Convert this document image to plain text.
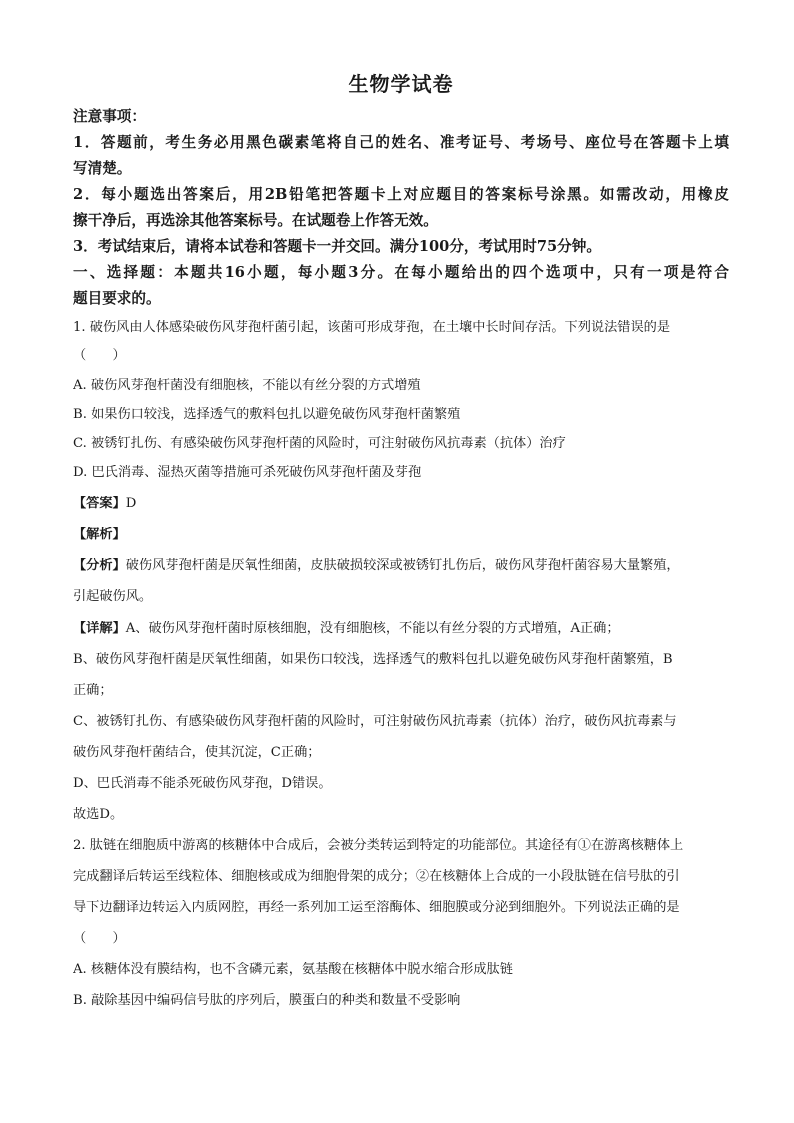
生物学试卷
注意事项：
1．答题前，考生务必用黑色碳素笔将自己的姓名、准考证号、考场号、座位号在答题卡上填
写清楚。
2．每小题选出答案后，用2B铅笔把答题卡上对应题目的答案标号涂黑。如需改动，用橡皮
擦干净后，再选涂其他答案标号。在试题卷上作答无效。
3．考试结束后，请将本试卷和答题卡一并交回。满分100分，考试用时75分钟。
一、选择题：本题共16小题，每小题3分。在每小题给出的四个选项中，只有一项是符合
题目要求的。
1. 破伤风由人体感染破伤风芽孢杆菌引起，该菌可形成芽孢，在土壤中长时间存活。下列说法错误的是
（　　）
A. 破伤风芽孢杆菌没有细胞核，不能以有丝分裂的方式增殖
B. 如果伤口较浅，选择透气的敷料包扎以避免破伤风芽孢杆菌繁殖
C. 被锈钉扎伤、有感染破伤风芽孢杆菌的风险时，可注射破伤风抗毒素（抗体）治疗
D. 巴氏消毒、湿热灭菌等措施可杀死破伤风芽孢杆菌及芽孢
【答案】D
【解析】
【分析】破伤风芽孢杆菌是厌氧性细菌，皮肤破损较深或被锈钉扎伤后，破伤风芽孢杆菌容易大量繁殖，
引起破伤风。
【详解】A、破伤风芽孢杆菌时原核细胞，没有细胞核，不能以有丝分裂的方式增殖，A正确；
B、破伤风芽孢杆菌是厌氧性细菌，如果伤口较浅，选择透气的敷料包扎以避免破伤风芽孢杆菌繁殖，B
正确；
C、被锈钉扎伤、有感染破伤风芽孢杆菌的风险时，可注射破伤风抗毒素（抗体）治疗，破伤风抗毒素与
破伤风芽孢杆菌结合，使其沉淀，C正确；
D、巴氏消毒不能杀死破伤风芽孢，D错误。
故选D。
2. 肽链在细胞质中游离的核糖体中合成后，会被分类转运到特定的功能部位。其途径有①在游离核糖体上
完成翻译后转运至线粒体、细胞核或成为细胞骨架的成分；②在核糖体上合成的一小段肽链在信号肽的引
导下边翻译边转运入内质网腔，再经一系列加工运至溶酶体、细胞膜或分泌到细胞外。下列说法正确的是
（　　）
A. 核糖体没有膜结构，也不含磷元素，氨基酸在核糖体中脱水缩合形成肽链
B. 敲除基因中编码信号肽的序列后，膜蛋白的种类和数量不受影响
